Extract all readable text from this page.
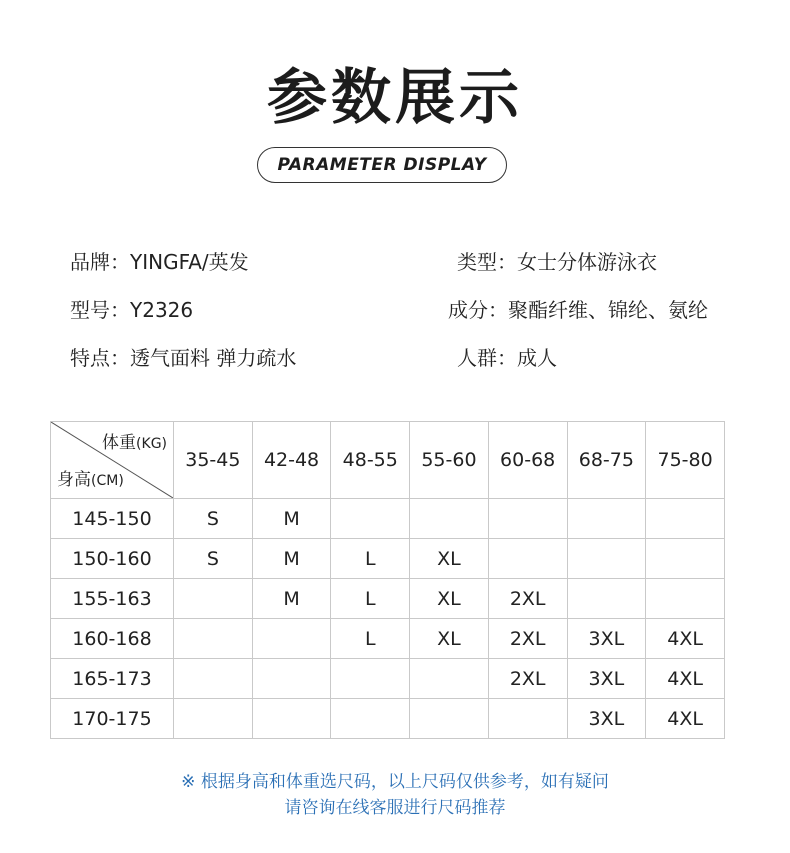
参数展示
PARAMETER DISPLAY
品牌：YINGFA/英发	类型：女士分体游泳衣
型号：Y2326	成分：聚酯纤维、锦纶、氨纶
特点：透气面料 弹力疏水	人群：成人
体重(KG)
身高(CM)	35-45	42-48	48-55	55-60	60-68	68-75	75-80
145-150	S	M					
150-160	S	M	L	XL			
155-163		M	L	XL	2XL		
160-168			L	XL	2XL	3XL	4XL
165-173					2XL	3XL	4XL
170-175						3XL	4XL
※ 根据身高和体重选尺码，以上尺码仅供参考，如有疑问
请咨询在线客服进行尺码推荐
